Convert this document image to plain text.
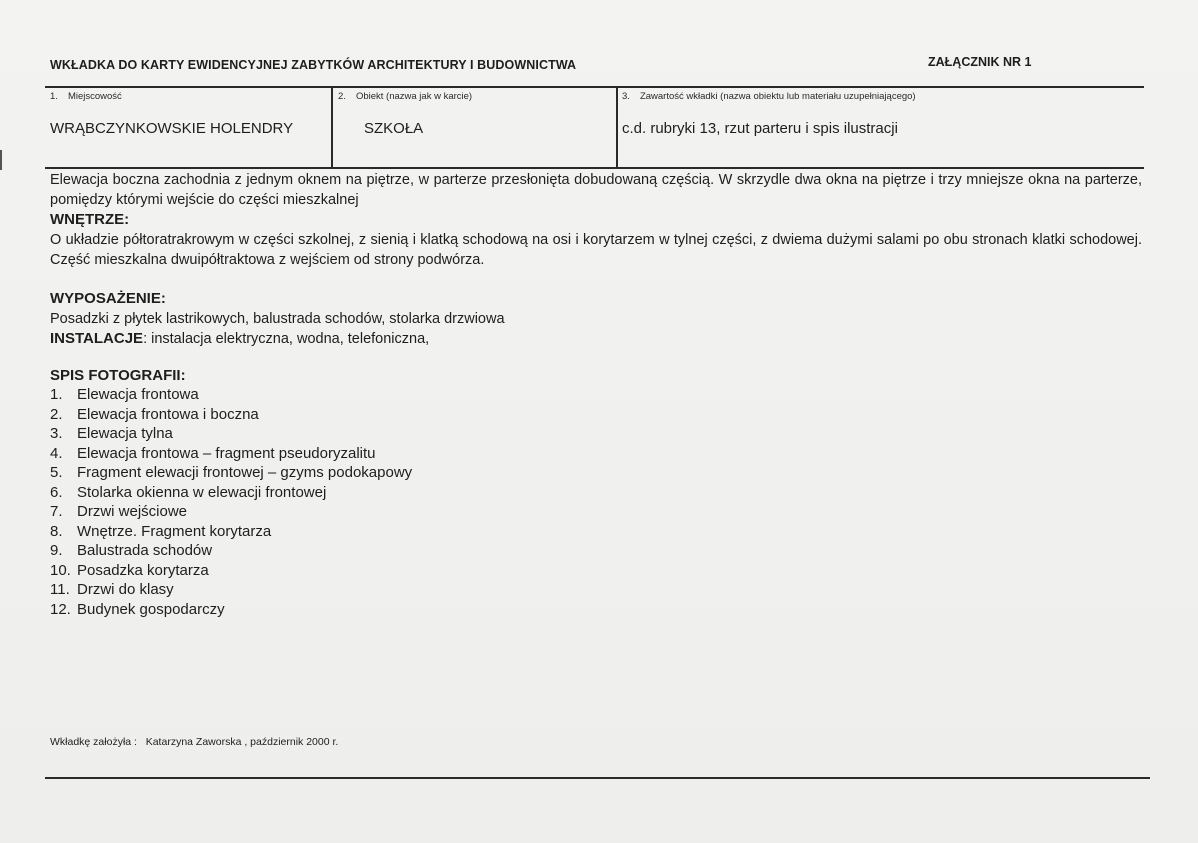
WKŁADKA DO KARTY EWIDENCYJNEJ ZABYTKÓW ARCHITEKTURY I BUDOWNICTWA	ZAŁĄCZNIK NR 1
1. Miejscowość
WRĄBCZYNKOWSKIE HOLENDRY
2. Obiekt (nazwa jak w karcie)
SZKOŁA
3. Zawartość wkładki (nazwa obiektu lub materiału uzupełniającego)
c.d. rubryki 13, rzut parteru i spis ilustracji

Elewacja boczna zachodnia z jednym oknem na piętrze, w parterze przesłonięta dobudowaną częścią. W skrzydle dwa okna na piętrze i trzy mniejsze okna na parterze, pomiędzy którymi wejście do części mieszkalnej

WNĘTRZE:

O układzie półtoratrakrowym w części szkolnej, z sienią i klatką schodową na osi i korytarzem w tylnej części, z dwiema dużymi salami po obu stronach klatki schodowej. Część mieszkalna dwuipółtraktowa z wejściem od strony podwórza.

WYPOSAŻENIE:
Posadzki z płytek lastrikowych, balustrada schodów, stolarka drzwiowa
INSTALACJE: instalacja elektryczna, wodna, telefoniczna,
SPIS FOTOGRAFII:
1. Elewacja frontowa
2. Elewacja frontowa i boczna
3. Elewacja tylna
4. Elewacja frontowa – fragment pseudoryzalitu
5. Fragment elewacji frontowej – gzyms podokapowy
6. Stolarka okienna w elewacji frontowej
7. Drzwi wejściowe
8. Wnętrze. Fragment korytarza
9. Balustrada schodów
10. Posadzka korytarza
11. Drzwi do klasy
12. Budynek gospodarczy
Wkładkę założyła : Katarzyna Zaworska , październik 2000 r.
